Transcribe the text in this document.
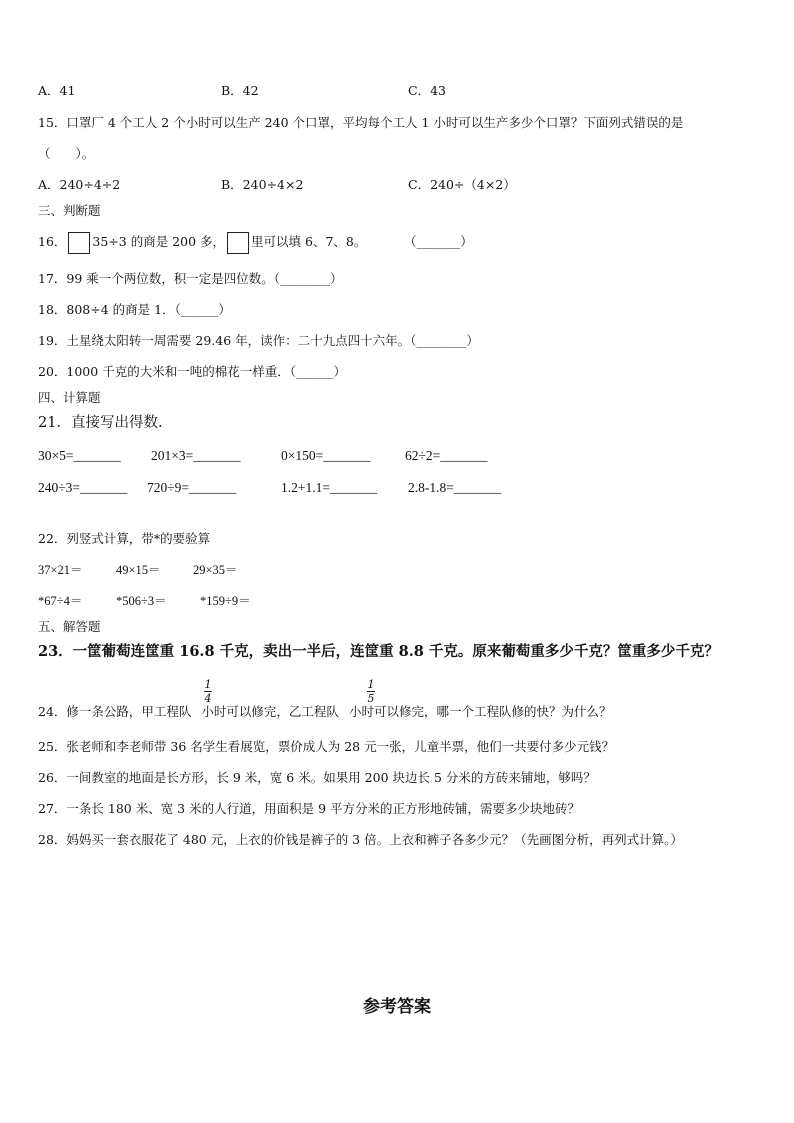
A．41	B．42	C．43
15．口罩厂 4 个工人 2 个小时可以生产 240 个口罩，平均每个工人 1 小时可以生产多少个口罩？下面列式错误的是
（　　）。
A．240÷4÷2	B．240÷4×2	C．240÷（4×2）
三、判断题
16． 35÷3 的商是 200 多， 里可以填 6、7、8。	（_______）
17．99 乘一个两位数，积一定是四位数。（________）
18．808÷4 的商是 1．（______）
19．土星绕太阳转一周需要 29.46 年，读作：二十九点四十六年。（________）
20．1000 千克的大米和一吨的棉花一样重．（______）
四、计算题
21．直接写出得数.
30×5=_______ 201×3=_______	0×150=_______	62÷2=_______
240÷3=_______ 720÷9=_______	1.2+1.1=_______ 2.8-1.8=_______
22．列竖式计算，带*的要验算
37×21＝	49×15＝	29×35＝
*67÷4＝	*506÷3＝	*159÷9＝
五、解答题
23．一筐葡萄连筐重 16.8 千克，卖出一半后，连筐重 8.8 千克。原来葡萄重多少千克？筐重多少千克？
24．修一条公路，甲工程队 小时可以修完，乙工程队 小时可以修完，哪一个工程队修的快？为什么？
1
4
1
5
25．张老师和李老师带 36 名学生看展览，票价成人为 28 元一张，儿童半票，他们一共要付多少元钱？
26．一间教室的地面是长方形，长 9 米，宽 6 米。如果用 200 块边长 5 分米的方砖来铺地，够吗？
27．一条长 180 米、宽 3 米的人行道，用面积是 9 平方分米的正方形地砖铺，需要多少块地砖？
28．妈妈买一套衣服花了 480 元，上衣的价钱是裤子的 3 倍。上衣和裤子各多少元？（先画图分析，再列式计算。）
参考答案
